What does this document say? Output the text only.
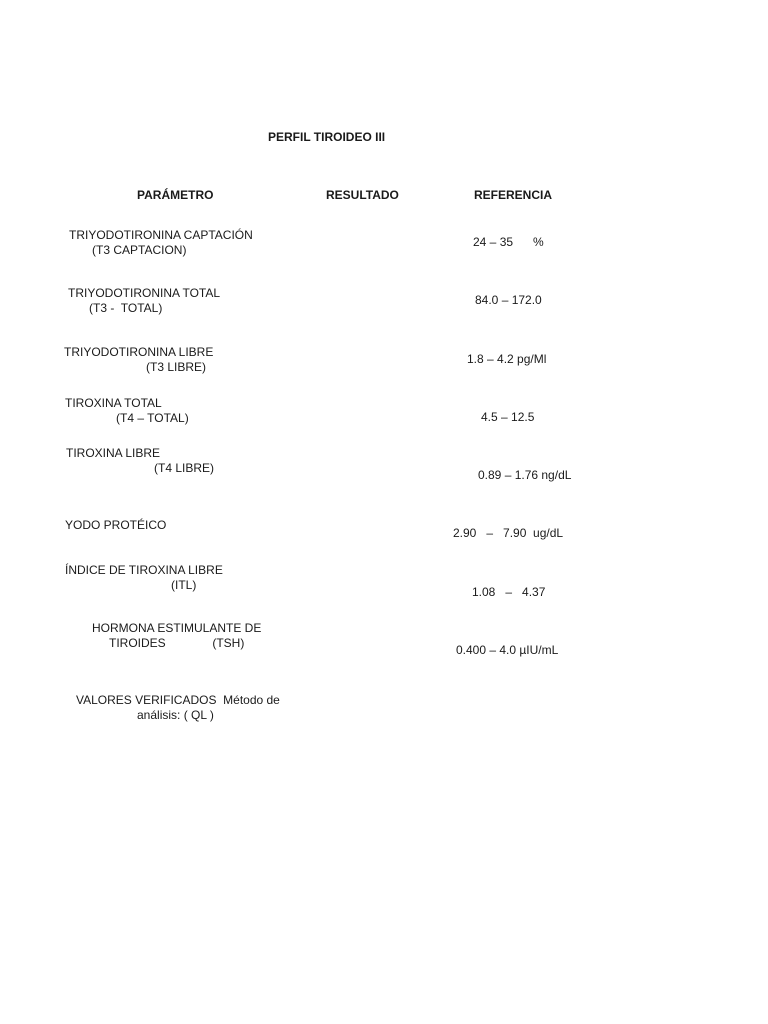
PERFIL TIROIDEO III
PARÁMETRO	RESULTADO	REFERENCIA
TRIYODOTIRONINA CAPTACIÓN
(T3 CAPTACION)
24 – 35      %
TRIYODOTIRONINA TOTAL
(T3 -  TOTAL)
84.0 – 172.0
TRIYODOTIRONINA LIBRE
(T3 LIBRE)
1.8 – 4.2 pg/Ml
TIROXINA TOTAL
(T4 – TOTAL)	4.5 – 12.5
TIROXINA LIBRE
(T4 LIBRE)	0.89 – 1.76 ng/dL
YODO PROTÉICO
2.90   –   7.90  ug/dL
ÍNDICE DE TIROXINA LIBRE
(ITL)	1.08   –   4.37
HORMONA ESTIMULANTE DE
TIROIDES              (TSH)	0.400 – 4.0 µIU/mL
VALORES VERIFICADOS  Método de
análisis: ( QL )
